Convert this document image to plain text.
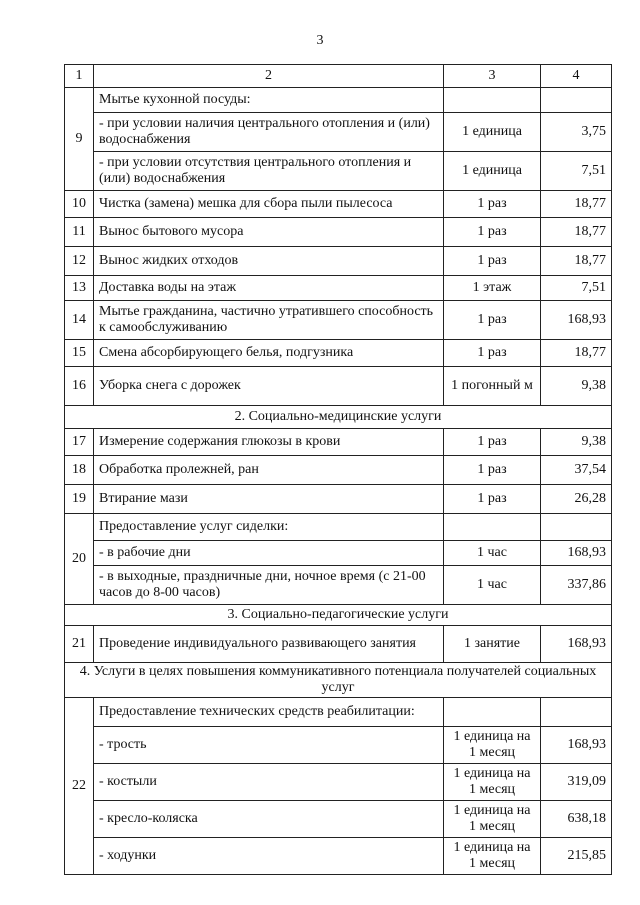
3
1	2	3	4
9	Мытье кухонной посуды:		
	- при условии наличия центрального отопления и (или) водоснабжения	1 единица	3,75
	- при условии отсутствия центрального отопления и (или) водоснабжения	1 единица	7,51
10	Чистка (замена) мешка для сбора пыли пылесоса	1 раз	18,77
11	Вынос бытового мусора	1 раз	18,77
12	Вынос жидких отходов	1 раз	18,77
13	Доставка воды на этаж	1 этаж	7,51
14	Мытье гражданина, частично утратившего способность к самообслуживанию	1 раз	168,93
15	Смена абсорбирующего белья, подгузника	1 раз	18,77
16	Уборка снега с дорожек	1 погонный м	9,38
2. Социально-медицинские услуги			
17	Измерение содержания глюкозы в крови	1 раз	9,38
18	Обработка пролежней, ран	1 раз	37,54
19	Втирание мази	1 раз	26,28
20	Предоставление услуг сиделки:		
	- в рабочие дни	1 час	168,93
	- в выходные, праздничные дни, ночное время (с 21-00 часов до 8-00 часов)	1 час	337,86
3. Социально-педагогические услуги			
21	Проведение индивидуального развивающего занятия	1 занятие	168,93
4. Услуги в целях повышения коммуникативного потенциала получателей социальных услуг			
22	Предоставление технических средств реабилитации:		
	- трость	1 единица на 1 месяц	168,93
	- костыли	1 единица на 1 месяц	319,09
	- кресло-коляска	1 единица на 1 месяц	638,18
	- ходунки	1 единица на 1 месяц	215,85
